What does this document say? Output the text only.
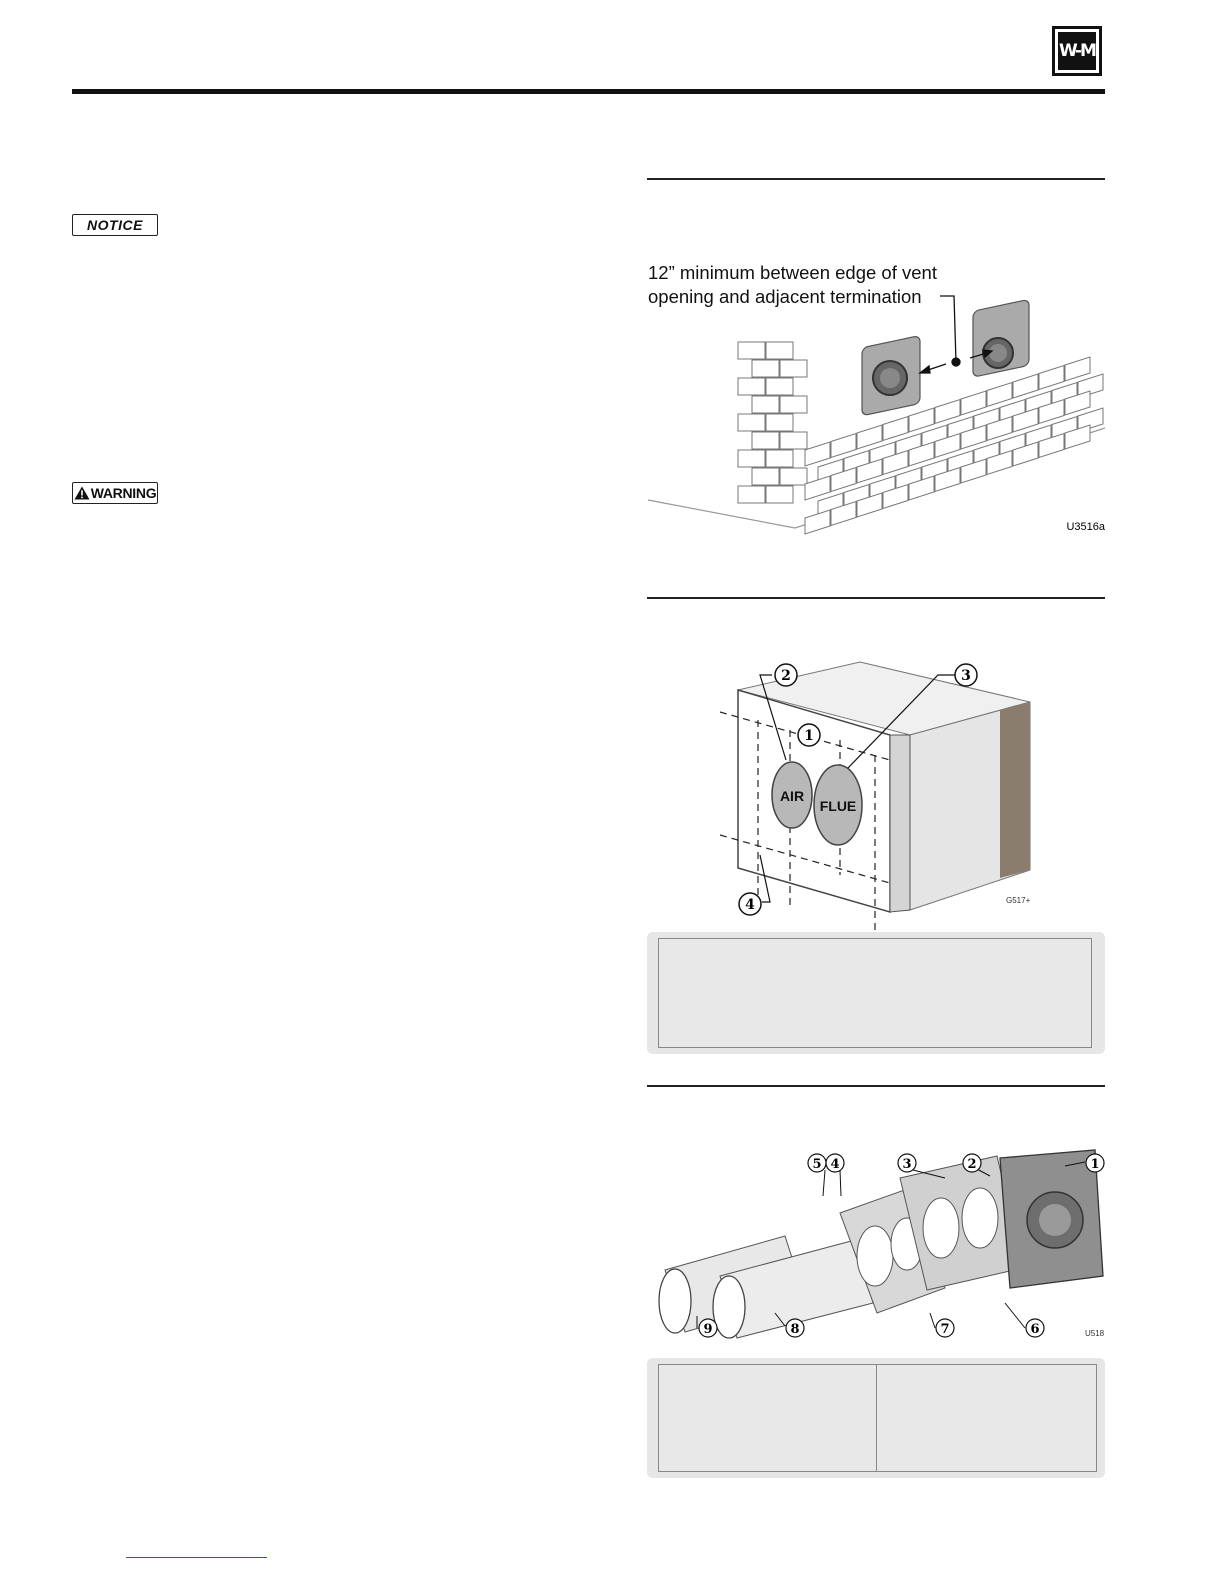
W-M
NOTICE
WARNING
12” minimum between edge of vent
opening and adjacent termination
U3516a
AIR
FLUE
1
2	3
4	G517+
1
2
3
4
5
6
7
8
9	U518
